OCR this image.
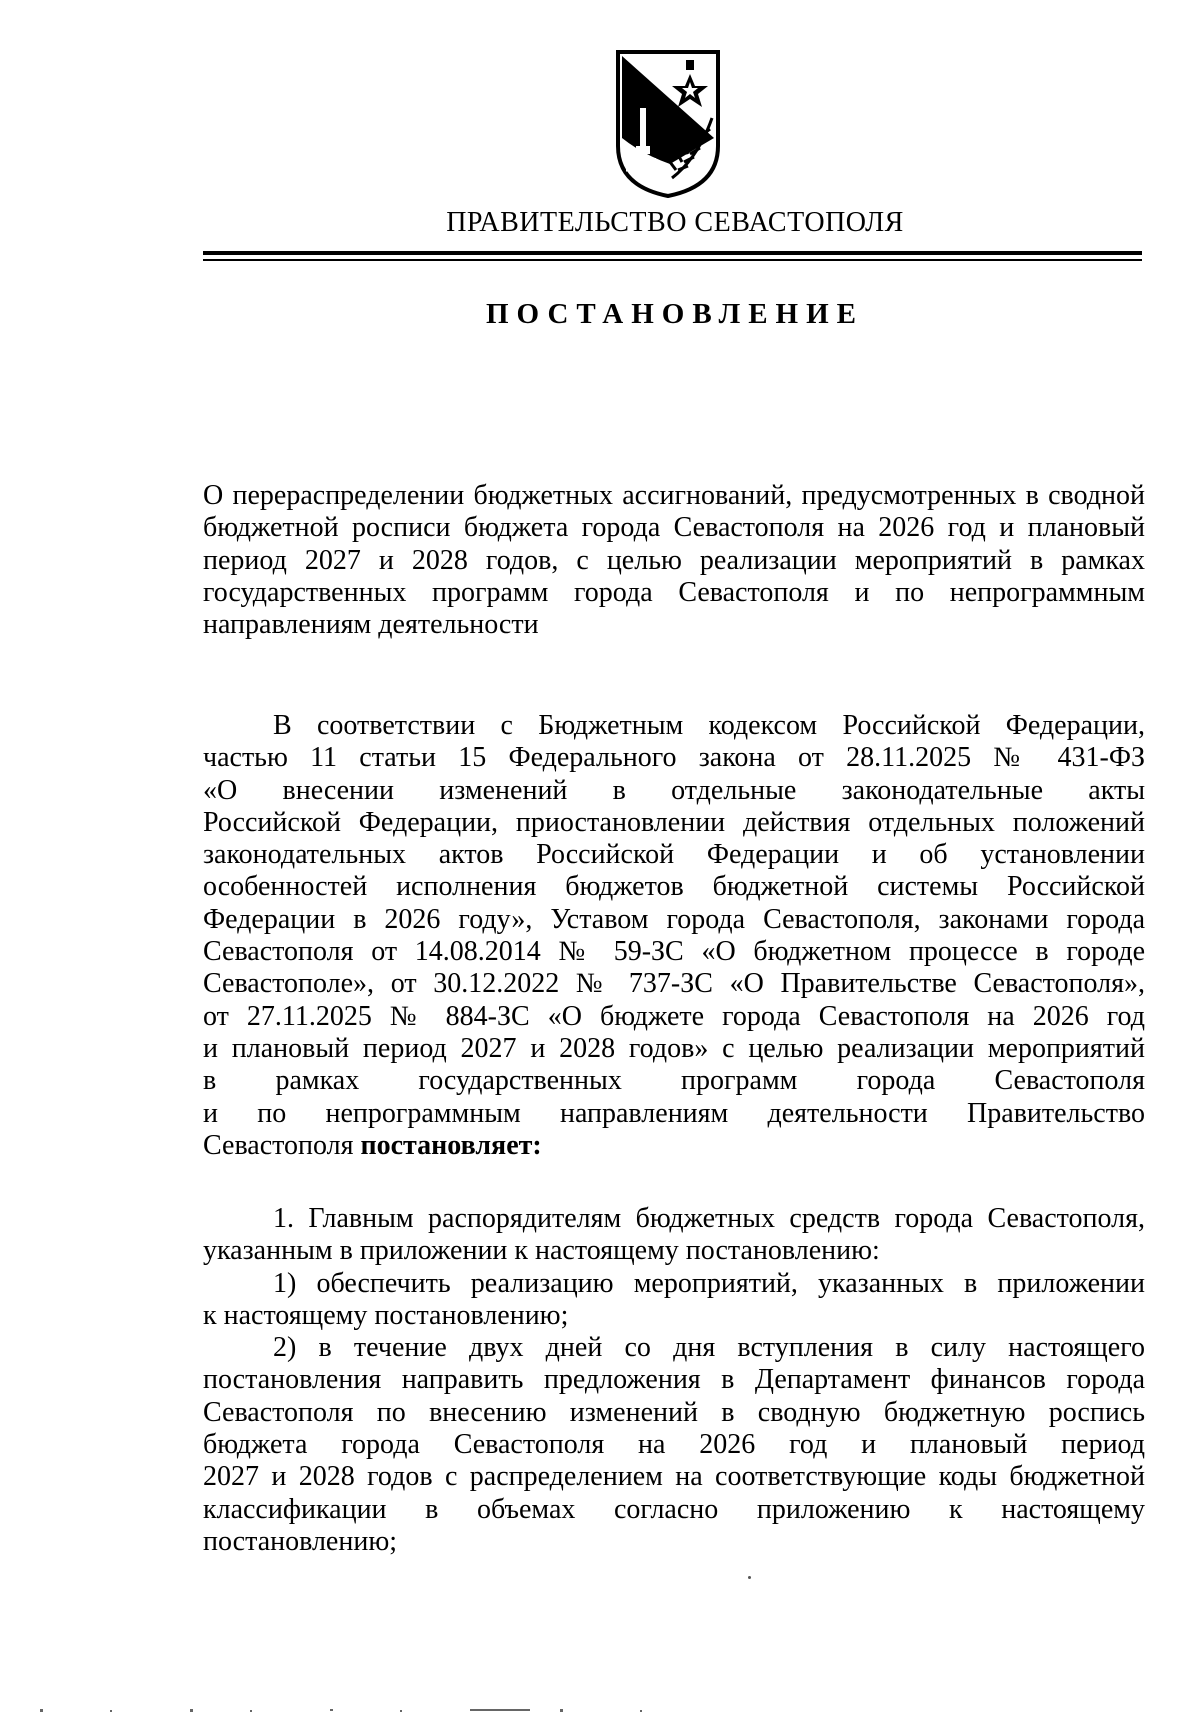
ПРАВИТЕЛЬСТВО СЕВАСТОПОЛЯ
ПОСТАНОВЛЕНИЕ
О перераспределении бюджетных ассигнований, предусмотренных в сводной
бюджетной росписи бюджета города Севастополя на 2026 год и плановый
период 2027 и 2028 годов, с целью реализации мероприятий в рамках
государственных программ города Севастополя и по непрограммным
направлениям деятельности
В соответствии с Бюджетным кодексом Российской Федерации,
частью 11 статьи 15 Федерального закона от 28.11.2025 № 431-ФЗ
«О внесении изменений в отдельные законодательные акты
Российской Федерации, приостановлении действия отдельных положений
законодательных актов Российской Федерации и об установлении
особенностей исполнения бюджетов бюджетной системы Российской
Федерации в 2026 году», Уставом города Севастополя, законами города
Севастополя от 14.08.2014 № 59-ЗС «О бюджетном процессе в городе
Севастополе», от 30.12.2022 № 737-ЗС «О Правительстве Севастополя»,
от 27.11.2025 № 884-ЗС «О бюджете города Севастополя на 2026 год
и плановый период 2027 и 2028 годов» с целью реализации мероприятий
в рамках государственных программ города Севастополя
и по непрограммным направлениям деятельности Правительство
Севастополя постановляет:
1. Главным распорядителям бюджетных средств города Севастополя,
указанным в приложении к настоящему постановлению:
1) обеспечить реализацию мероприятий, указанных в приложении
к настоящему постановлению;
2) в течение двух дней со дня вступления в силу настоящего
постановления направить предложения в Департамент финансов города
Севастополя по внесению изменений в сводную бюджетную роспись
бюджета города Севастополя на 2026 год и плановый период
2027 и 2028 годов с распределением на соответствующие коды бюджетной
классификации в объемах согласно приложению к настоящему
постановлению;
